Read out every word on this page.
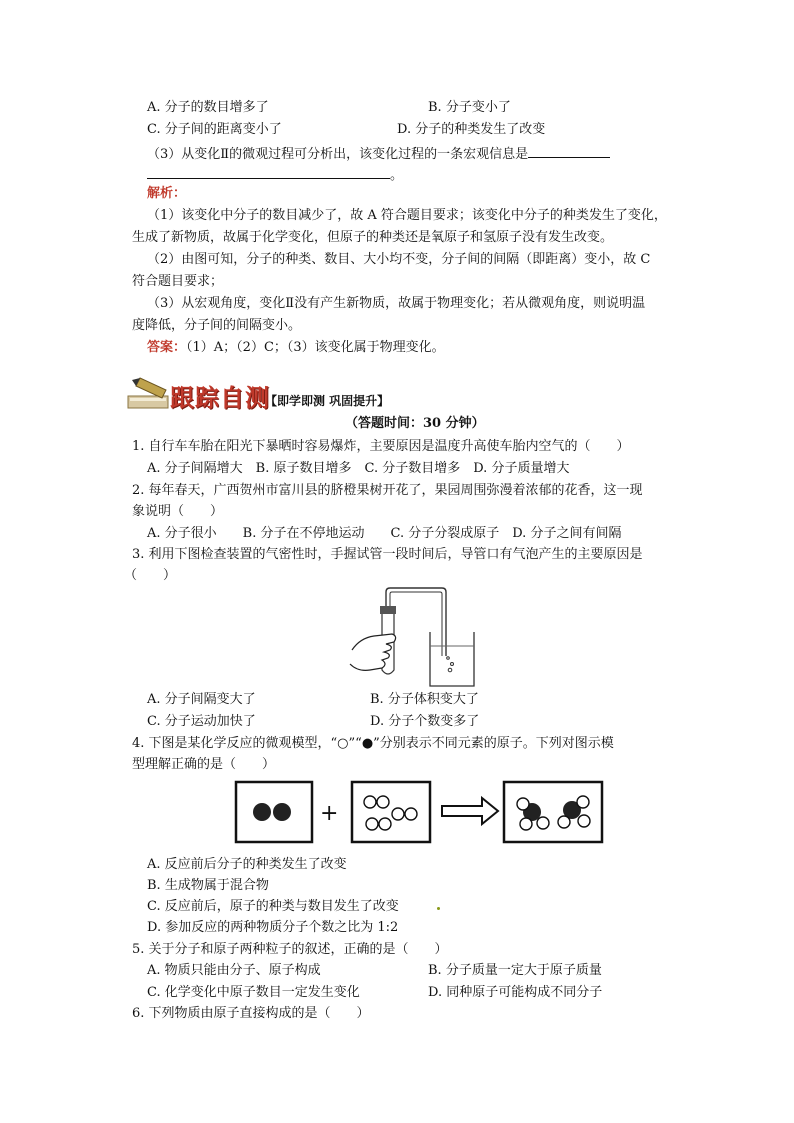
A. 分子的数目增多了	B. 分子变小了
C. 分子间的距离变小了	D. 分子的种类发生了改变
（3）从变化Ⅱ的微观过程可分析出，该变化过程的一条宏观信息是
。
解析：
（1）该变化中分子的数目减少了，故 A 符合题目要求；该变化中分子的种类发生了变化，
生成了新物质，故属于化学变化，但原子的种类还是氧原子和氢原子没有发生改变。
（2）由图可知，分子的种类、数目、大小均不变，分子间的间隔（即距离）变小，故 C
符合题目要求；
（3）从宏观角度，变化Ⅱ没有产生新物质，故属于物理变化；若从微观角度，则说明温
度降低，分子间的间隔变小。
答案：（1）A；（2）C；（3）该变化属于物理变化。
跟踪自测
【即学即测 巩固提升】
（答题时间：30 分钟）
1. 自行车车胎在阳光下暴晒时容易爆炸，主要原因是温度升高使车胎内空气的（　　）
A. 分子间隔增大　B. 原子数目增多　C. 分子数目增多　D. 分子质量增大
2. 每年春天，广西贺州市富川县的脐橙果树开花了，果园周围弥漫着浓郁的花香，这一现
象说明（　　）
A. 分子很小　　B. 分子在不停地运动　　C. 分子分裂成原子　D. 分子之间有间隔
3. 利用下图检查装置的气密性时，手握试管一段时间后，导管口有气泡产生的主要原因是
（　　）
A. 分子间隔变大了	B. 分子体积变大了
C. 分子运动加快了	D. 分子个数变多了
4. 下图是某化学反应的微观模型，“○”“●”分别表示不同元素的原子。下列对图示模
型理解正确的是（　　）
+
A. 反应前后分子的种类发生了改变
B. 生成物属于混合物
C. 反应前后，原子的种类与数目发生了改变
D. 参加反应的两种物质分子个数之比为 1:2
5. 关于分子和原子两种粒子的叙述，正确的是（　　）
A. 物质只能由分子、原子构成	B. 分子质量一定大于原子质量
C. 化学变化中原子数目一定发生变化	D. 同种原子可能构成不同分子
6. 下列物质由原子直接构成的是（　　）
